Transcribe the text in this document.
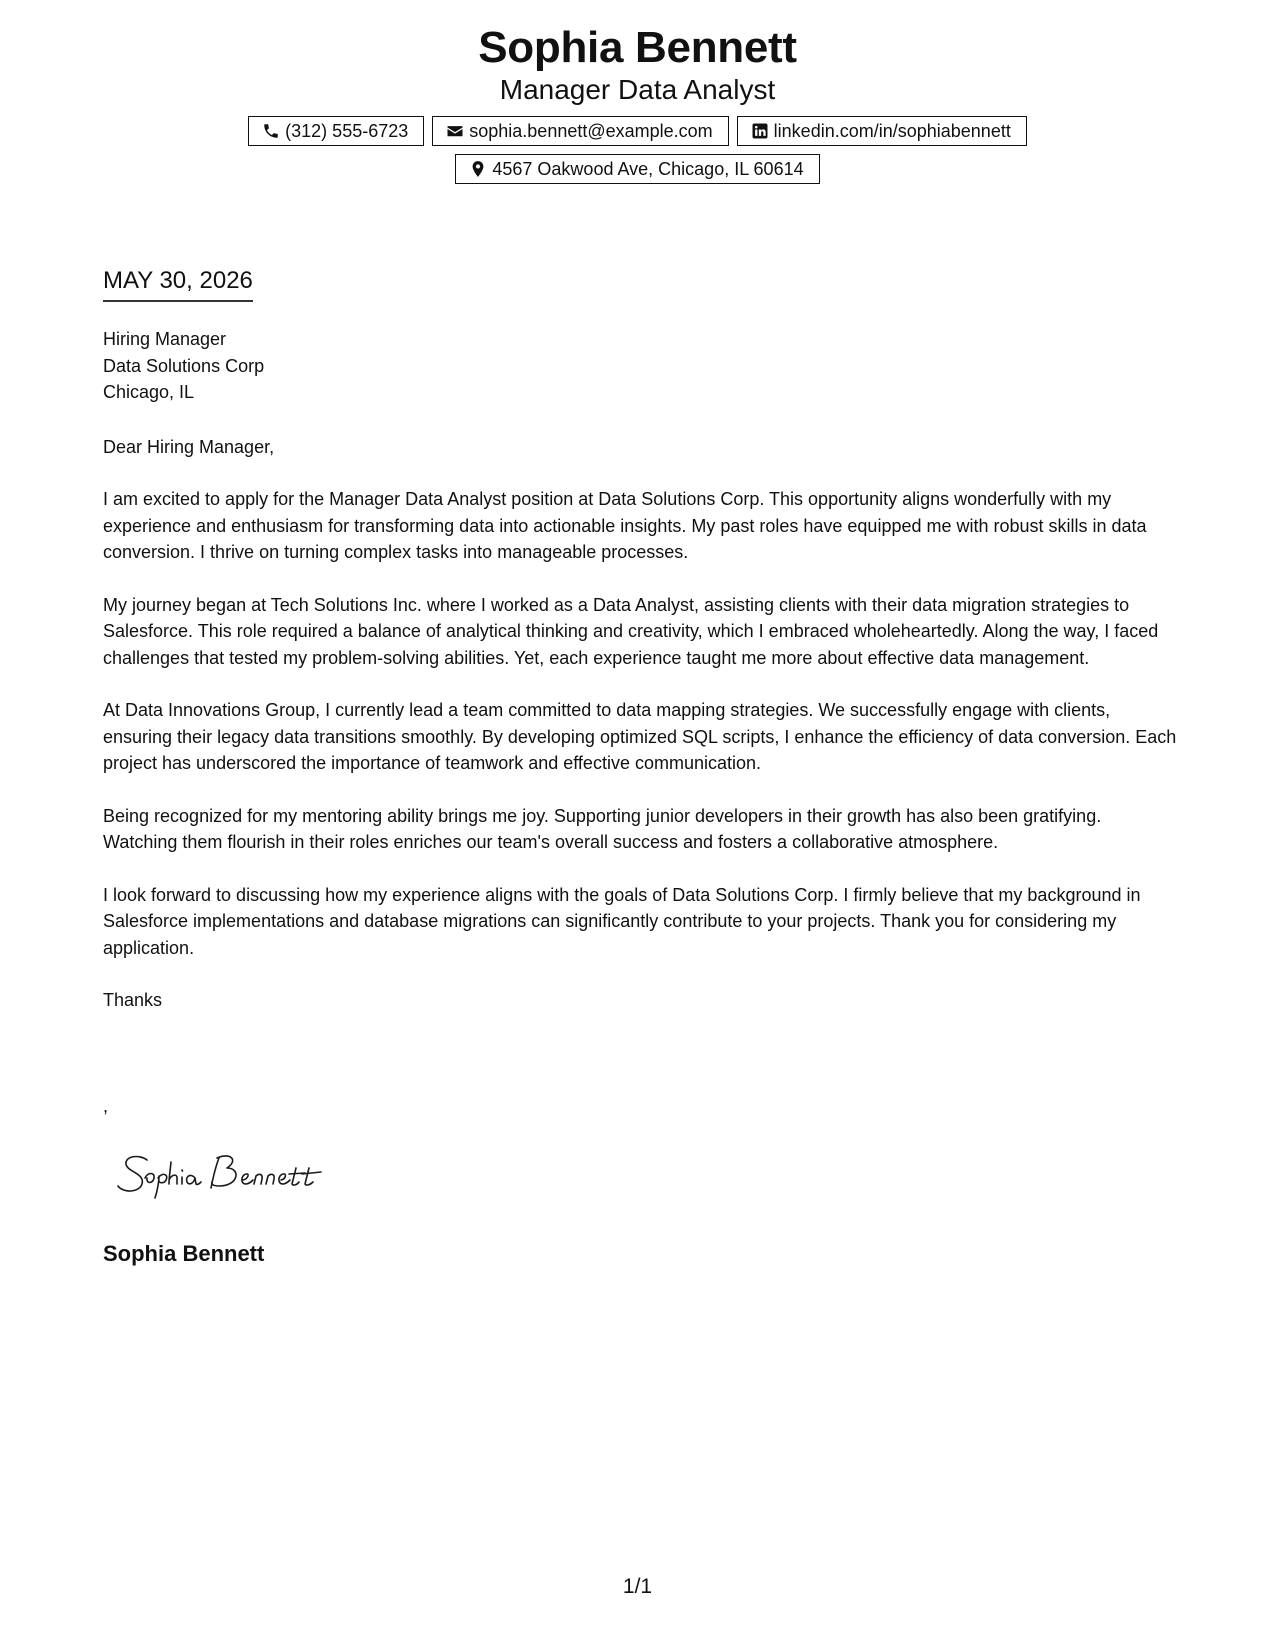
Sophia Bennett
Manager Data Analyst
(312) 555-6723	sophia.bennett@example.com	linkedin.com/in/sophiabennett
4567 Oakwood Ave, Chicago, IL 60614
MAY 30, 2026
Hiring Manager
Data Solutions Corp
Chicago, IL

Dear Hiring Manager,

I am excited to apply for the Manager Data Analyst position at Data Solutions Corp. This opportunity aligns wonderfully with my experience and enthusiasm for transforming data into actionable insights. My past roles have equipped me with robust skills in data conversion. I thrive on turning complex tasks into manageable processes.

My journey began at Tech Solutions Inc. where I worked as a Data Analyst, assisting clients with their data migration strategies to Salesforce. This role required a balance of analytical thinking and creativity, which I embraced wholeheartedly. Along the way, I faced challenges that tested my problem-solving abilities. Yet, each experience taught me more about effective data management.

At Data Innovations Group, I currently lead a team committed to data mapping strategies. We successfully engage with clients, ensuring their legacy data transitions smoothly. By developing optimized SQL scripts, I enhance the efficiency of data conversion. Each project has underscored the importance of teamwork and effective communication.

Being recognized for my mentoring ability brings me joy. Supporting junior developers in their growth has also been gratifying. Watching them flourish in their roles enriches our team's overall success and fosters a collaborative atmosphere.

I look forward to discussing how my experience aligns with the goals of Data Solutions Corp. I firmly believe that my background in Salesforce implementations and database migrations can significantly contribute to your projects. Thank you for considering my application.

Thanks

,
Sophia Bennett
1/1
